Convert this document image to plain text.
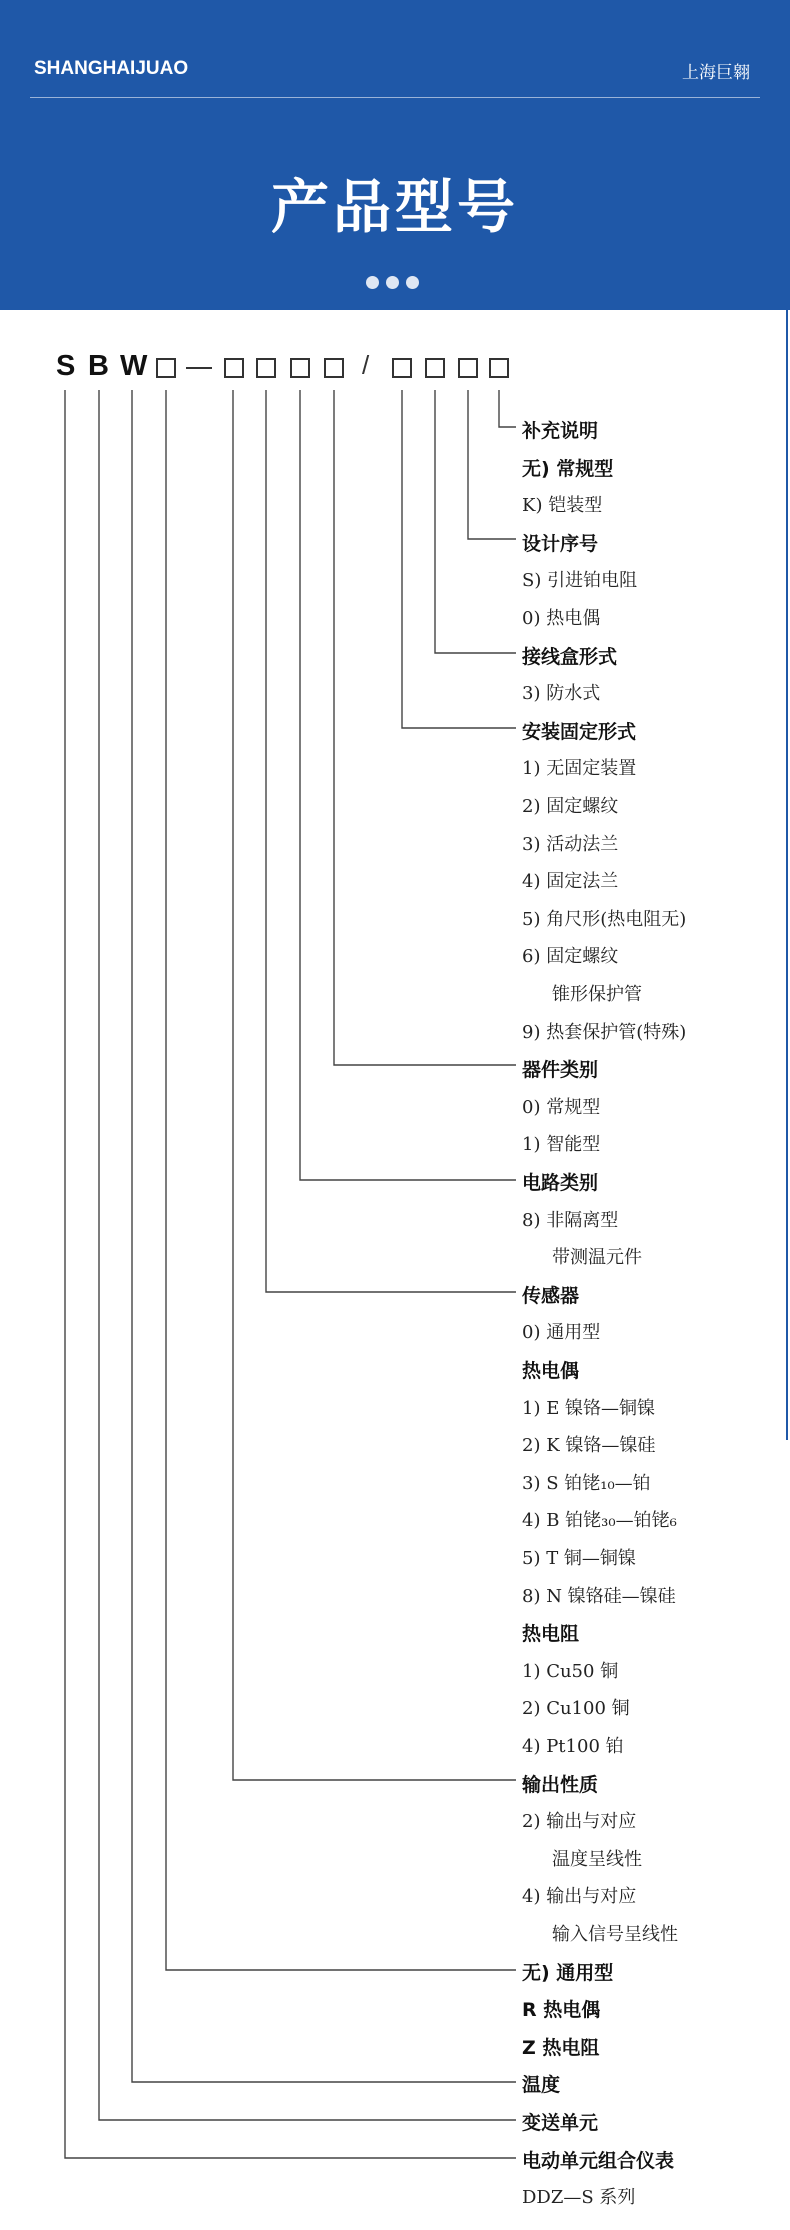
SHANGHAIJUAO	上海巨翱
产品型号
S B W	/
补充说明
无) 常规型
K) 铠装型
设计序号
S) 引进铂电阻
0) 热电偶
接线盒形式
3) 防水式
安装固定形式
1) 无固定装置
2) 固定螺纹
3) 活动法兰
4) 固定法兰
5) 角尺形(热电阻无)
6) 固定螺纹
锥形保护管
9) 热套保护管(特殊)
器件类别
0) 常规型
1) 智能型
电路类别
8) 非隔离型
带测温元件
传感器
0) 通用型
热电偶
1) E 镍铬—铜镍
2) K 镍铬—镍硅
3) S 铂铑₁₀—铂
4) B 铂铑₃₀—铂铑₆
5) T 铜—铜镍
8) N 镍铬硅—镍硅
热电阻
1) Cu50 铜
2) Cu100 铜
4) Pt100 铂
输出性质
2) 输出与对应
温度呈线性
4) 输出与对应
输入信号呈线性
无) 通用型
R 热电偶
Z 热电阻
温度
变送单元
电动单元组合仪表
DDZ—S 系列
